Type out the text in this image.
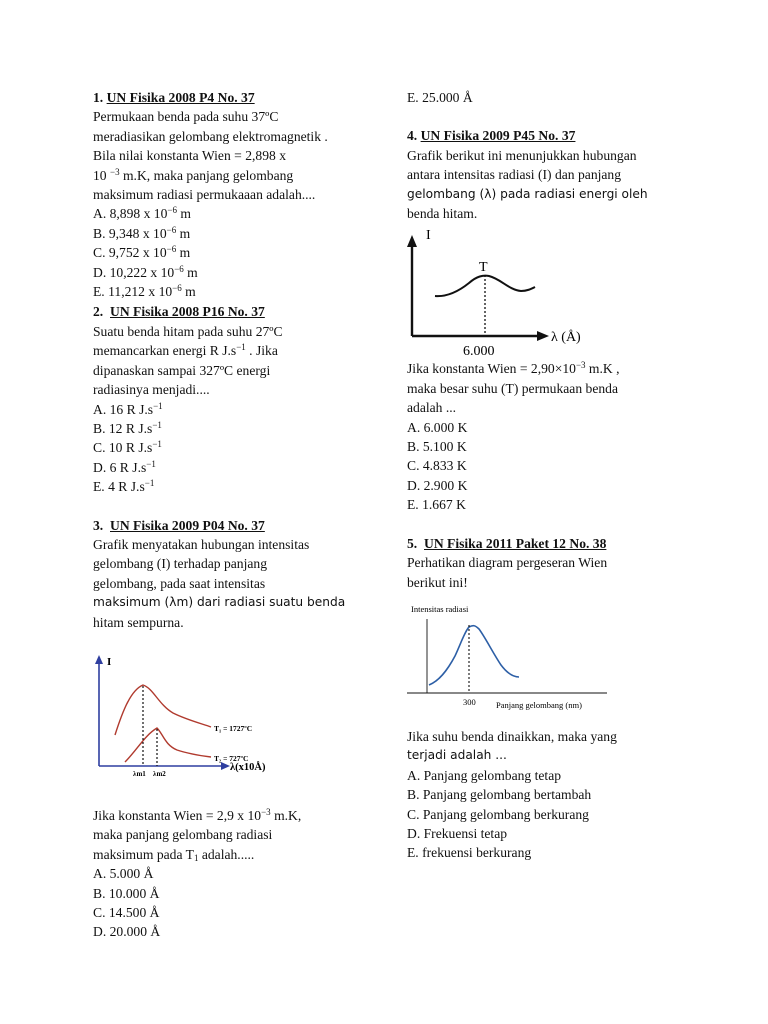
1. UN Fisika 2008 P4 No. 37
Permukaan benda pada suhu 37ºC
meradiasikan gelombang elektromagnetik .
Bila nilai konstanta Wien = 2,898 x
10 $^{-3}$ m.K, maka panjang gelombang
maksimum radiasi permukaaan adalah....
A. 8,898 x $10^{-6}$ m
B. 9,348 x $10^{-6}$ m
C. 9,752 x $10^{-6}$ m
D. 10,222 x $10^{-6}$ m
E. 11,212 x $10^{-6}$ m
2. UN Fisika 2008 P16 No. 37
Suatu benda hitam pada suhu 27ºC
memancarkan energi R $J.s^{-1}$ . Jika
dipanaskan sampai 327ºC energi
radiasinya menjadi....
A. 16 R $J.s^{-1}$
B. 12 R $J.s^{-1}$
C. 10 R $J.s^{-1}$
D. 6 R $J.s^{-1}$
E. 4 R $J.s^{-1}$
3. UN Fisika 2009 P04 No. 37
Grafik menyatakan hubungan intensitas
gelombang (I) terhadap panjang
gelombang, pada saat intensitas
maksimum (λm) dari radiasi suatu benda
hitam sempurna.
I
λ(x10Å)
T₁ = 1727ºC
T₂ = 727ºC
λm1 λm2
Jika konstanta Wien = 2,9 x $10^{-3}$ m.K,
maka panjang gelombang radiasi
maksimum pada $T_1$ adalah.....
A. 5.000 Å
B. 10.000 Å
C. 14.500 Å
D. 20.000 Å
E. 25.000 Å
4. UN Fisika 2009 P45 No. 37
Grafik berikut ini menunjukkan hubungan
antara intensitas radiasi (I) dan panjang
gelombang (λ) pada radiasi energi oleh
benda hitam.
I
T
λ (Å)
6.000
Jika konstanta Wien = $2,90\times 10^{-3}$ m.K ,
maka besar suhu (T) permukaan benda
adalah ...
A. 6.000 K
B. 5.100 K
C. 4.833 K
D. 2.900 K
E. 1.667 K
5. UN Fisika 2011 Paket 12 No. 38
Perhatikan diagram pergeseran Wien
berikut ini!
Intensitas radiasi
300 Panjang gelombang (nm)
Jika suhu benda dinaikkan, maka yang
terjadi adalah ...
A. Panjang gelombang tetap
B. Panjang gelombang bertambah
C. Panjang gelombang berkurang
D. Frekuensi tetap
E. frekuensi berkurang
